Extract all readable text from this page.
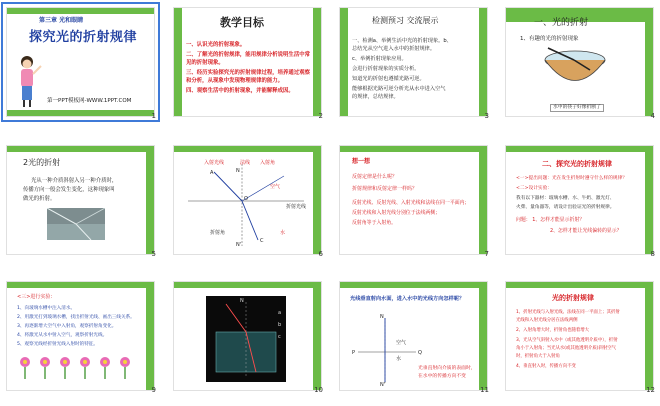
第三章 光和眼睛
探究光的折射规律
第一PPT模板网-WWW.1PPT.COM
1
教学目标
一、认识光的折射现象。
二、了解光的折射规律，能用规律分析说明生活中常
见的折射现象。
三、经历实验探究光的折射规律过程，培养通过观察
和分析，从现象中发现物理规律的能力。
四、观察生活中的折射现象，并能解释成因。
2
检测预习 交流展示
一、检测a、举例生活中光的折射现象。b、
总结光从空气进入水中的折射规律。
c、举例折射现象应用。
会进行折射现象的实质分析。
知道光的折射也遵循光路可逆。
能够根据光路可逆分析光从水中进入空气
的规律，总结规律。
3
一、光的折射
1、有趣的光的折射现象
水中的筷子好像折断了
4
2光的折射
光从一种介质斜射入另一种介质时，
传播方向一般会发生变化，这种现象叫
做光的折射。
5
入射光线	法线 入射角
空气
折射光线
水
折射角
A
O
C
N
N'
6
想一想
反射定律是什么呢？
折射规律和反射定律一样吗？
反射光线、反射光线、入射光线和法线在同一平面内；
反射光线和入射光线分别位于法线两侧；
反射角等于入射角。
7
二、探究光的折射规律
<一>提出问题：光在发生折射时遵守什么样的规律？
<二>设计实验：
我有以下器材：玻璃水槽、水、牛奶、激光灯、
火柴、量角器等，请设计出验证光的折射规律。
问题： 1、怎样才能显示折射？
2、怎样才能让光线偏转的显示？
8
<三>进行实验：
1、向玻璃水槽中注入清水。
2、用激光打到玻璃水槽，找出折射光线、画出三线关系。
3、再逐渐增大空气中入射角，观察折射角变化。
4、将激光从水中射入空气，观察折射光线。
5、观察光线经折射光线入射时的特征。
9
N
a
b
c
10
光线垂直射向水面，进入水中的光线方向怎样呢？
N
空气
水
P	Q
N'
光垂直射向介质的表面时，
在水中的传播方向不变
11
光的折射规律
1、折射光线与入射光线、法线在同一平面上；其折射
光线和入射光线分居在法线两侧
2、入射角增大时，折射角也随着增大
3、光从空气斜射入水中（或其他透明介质中），折射
角小于入射角；当光从水(或其他透明介质)斜射空气
时，折射角大于入射角
4、垂直射入时，传播方向不变
12
